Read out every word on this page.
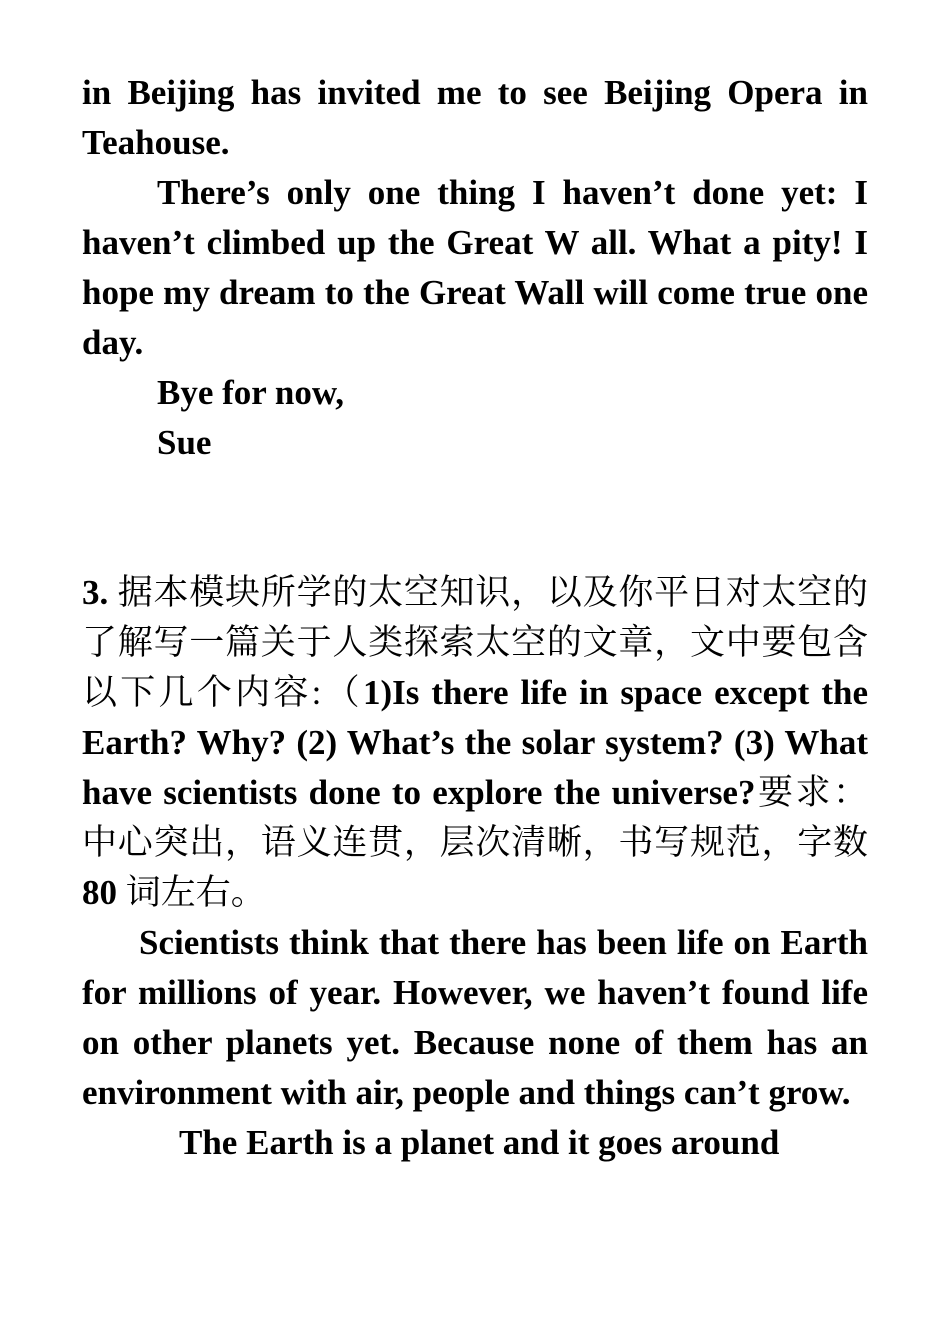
in Beijing has invited me to see Beijing Opera in Teahouse.

There’s only one thing I haven’t done yet: I haven’t climbed up the Great W all. What a pity! I hope my dream to the Great Wall will come true one day.

Bye for now,

Sue

3. 据本模块所学的太空知识，以及你平日对太空的了解写一篇关于人类探索太空的文章，文中要包含以下几个内容:（1)Is there life in space except the Earth? Why? (2) What’s the solar system? (3) What have scientists done to explore the universe?要求：中心突出，语义连贯，层次清晰，书写规范，字数 80 词左右。

Scientists think that there has been life on Earth for millions of year. However, we haven’t found life on other planets yet. Because none of them has an environment with air, people and things can’t grow.

The Earth is a planet and it goes around
